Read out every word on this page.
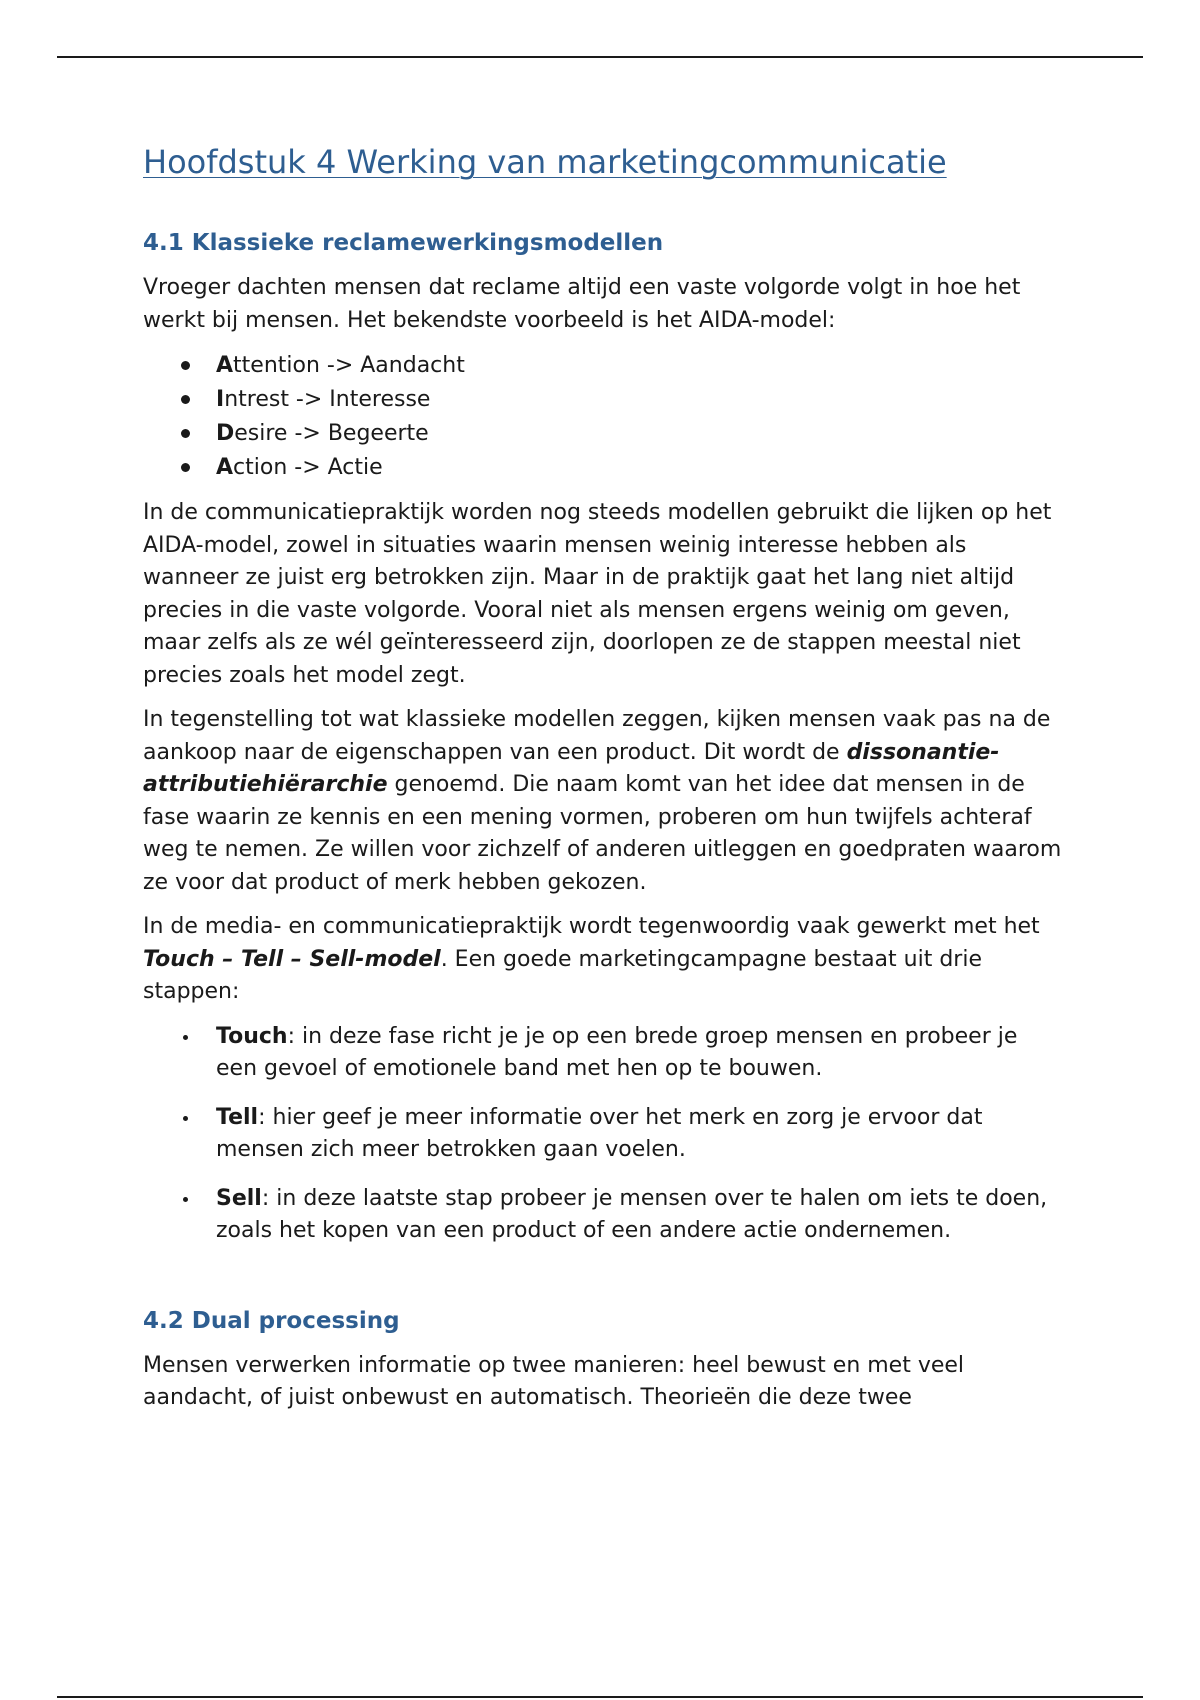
Hoofdstuk 4 Werking van marketingcommunicatie
4.1 Klassieke reclamewerkingsmodellen

Vroeger dachten mensen dat reclame altijd een vaste volgorde volgt in hoe het werkt bij mensen. Het bekendste voorbeeld is het AIDA-model:

Attention -> Aandacht
Intrest -> Interesse
Desire -> Begeerte
Action -> Actie

In de communicatiepraktijk worden nog steeds modellen gebruikt die lijken op het AIDA-model, zowel in situaties waarin mensen weinig interesse hebben als wanneer ze juist erg betrokken zijn. Maar in de praktijk gaat het lang niet altijd precies in die vaste volgorde. Vooral niet als mensen ergens weinig om geven, maar zelfs als ze wél geïnteresseerd zijn, doorlopen ze de stappen meestal niet precies zoals het model zegt.

In tegenstelling tot wat klassieke modellen zeggen, kijken mensen vaak pas na de aankoop naar de eigenschappen van een product. Dit wordt de dissonantie-attributiehiërarchie genoemd. Die naam komt van het idee dat mensen in de fase waarin ze kennis en een mening vormen, proberen om hun twijfels achteraf weg te nemen. Ze willen voor zichzelf of anderen uitleggen en goedpraten waarom ze voor dat product of merk hebben gekozen.

In de media- en communicatiepraktijk wordt tegenwoordig vaak gewerkt met het
Touch – Tell – Sell-model. Een goede marketingcampagne bestaat uit drie stappen:

Touch: in deze fase richt je je op een brede groep mensen en probeer je een gevoel of emotionele band met hen op te bouwen.
Tell: hier geef je meer informatie over het merk en zorg je ervoor dat mensen zich meer betrokken gaan voelen.
Sell: in deze laatste stap probeer je mensen over te halen om iets te doen, zoals het kopen van een product of een andere actie ondernemen.
4.2 Dual processing

Mensen verwerken informatie op twee manieren: heel bewust en met veel aandacht, of juist onbewust en automatisch. Theorieën die deze twee
